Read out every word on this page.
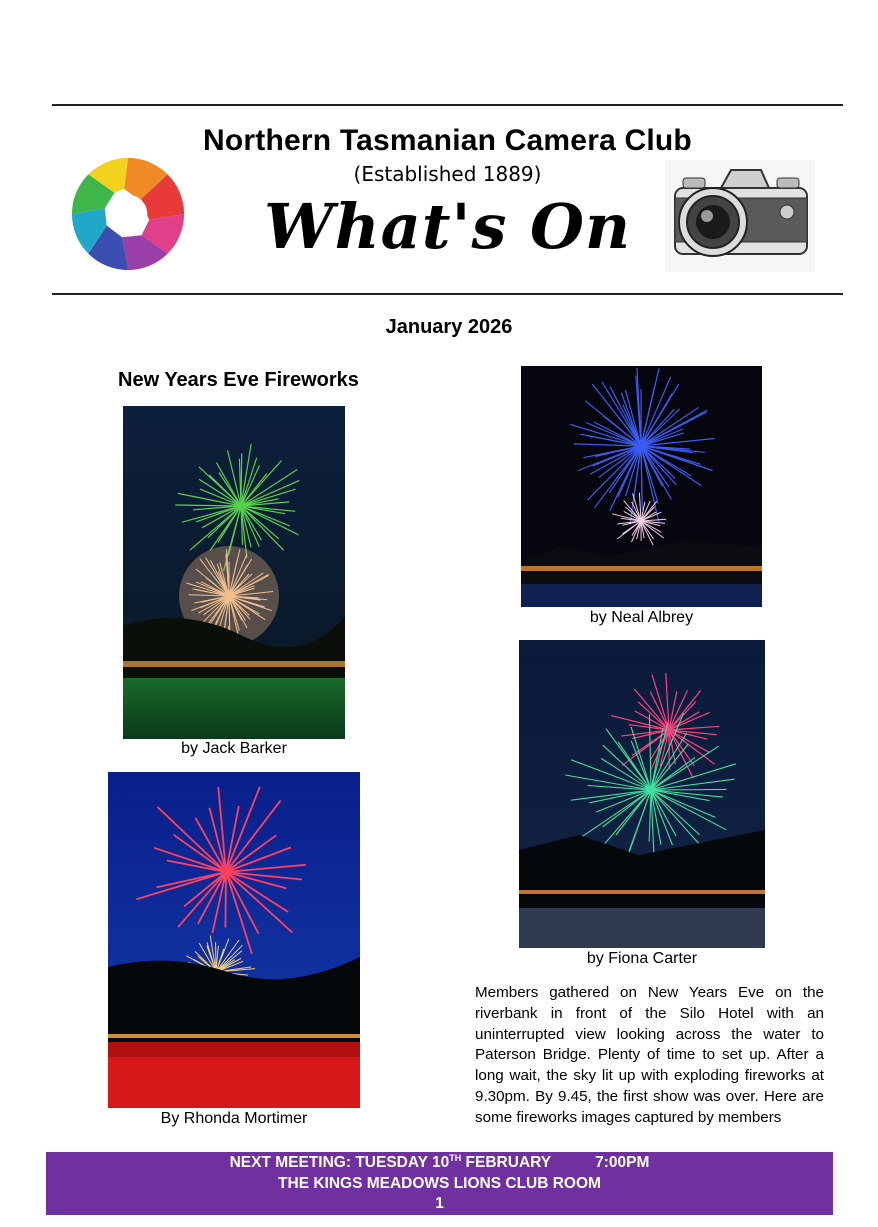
Northern Tasmanian Camera Club
(Established 1889)
What's On
January 2026
New Years Eve Fireworks
by Jack Barker
by Neal Albrey
By Rhonda Mortimer
by Fiona Carter
Members gathered on New Years Eve on the riverbank in front of the Silo Hotel with an uninterrupted view looking across the water to Paterson Bridge. Plenty of time to set up. After a long wait, the sky lit up with exploding fireworks at 9.30pm. By 9.45, the first show was over. Here are some fireworks images captured by members
NEXT MEETING: TUESDAY 10TH FEBRUARY	7:00PM
THE KINGS MEADOWS LIONS CLUB ROOM
1
